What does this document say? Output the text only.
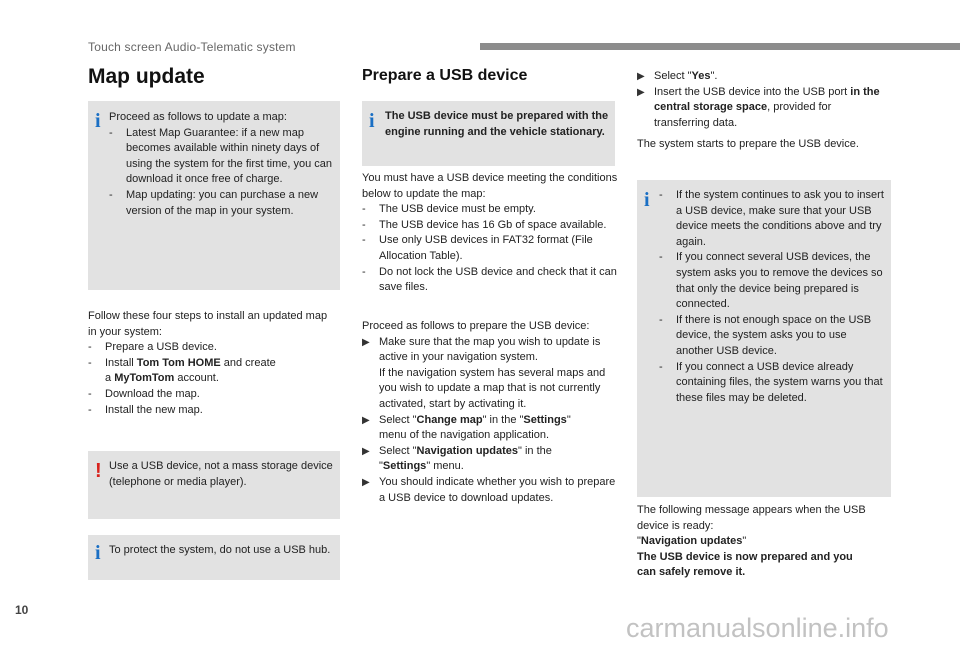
Touch screen Audio-Telematic system
Map update
i Proceed as follows to update a map:
-	Latest Map Guarantee: if a new map becomes available within ninety days of using the system for the first time, you can download it once free of charge.
-	Map updating: you can purchase a new version of the map in your system.
Follow these four steps to install an updated map in your system:
-	Prepare a USB device.
-	Install Tom Tom HOME and create
a MyTomTom account.
-	Download the map.
-	Install the new map.
! Use a USB device, not a mass storage device (telephone or media player).
i To protect the system, do not use a USB hub.
Prepare a USB device
i The USB device must be prepared with the engine running and the vehicle stationary.
You must have a USB device meeting the conditions below to update the map:
-	The USB device must be empty.
-	The USB device has 16 Gb of space available.
-	Use only USB devices in FAT32 format (File Allocation Table).
-	Do not lock the USB device and check that it can save files.
Proceed as follows to prepare the USB device:
▶︎ Make sure that the map you wish to update is active in your navigation system.
If the navigation system has several maps and you wish to update a map that is not currently activated, start by activating it.
▶︎ Select "Change map" in the "Settings"
menu of the navigation application.
▶︎ Select "Navigation updates" in the
"Settings" menu.
▶︎ You should indicate whether you wish to prepare a USB device to download updates.
▶︎ Select "Yes".
▶︎ Insert the USB device into the USB port in the central storage space, provided for transferring data.
The system starts to prepare the USB device.
i -	If the system continues to ask you to insert a USB device, make sure that your USB device meets the conditions above and try again.
-	If you connect several USB devices, the system asks you to remove the devices so that only the device being prepared is connected.
-	If there is not enough space on the USB device, the system asks you to use another USB device.
-	If you connect a USB device already containing files, the system warns you that these files may be deleted.
The following message appears when the USB device is ready:
"Navigation updates"
The USB device is now prepared and you can safely remove it.
10
carmanualsonline.info
